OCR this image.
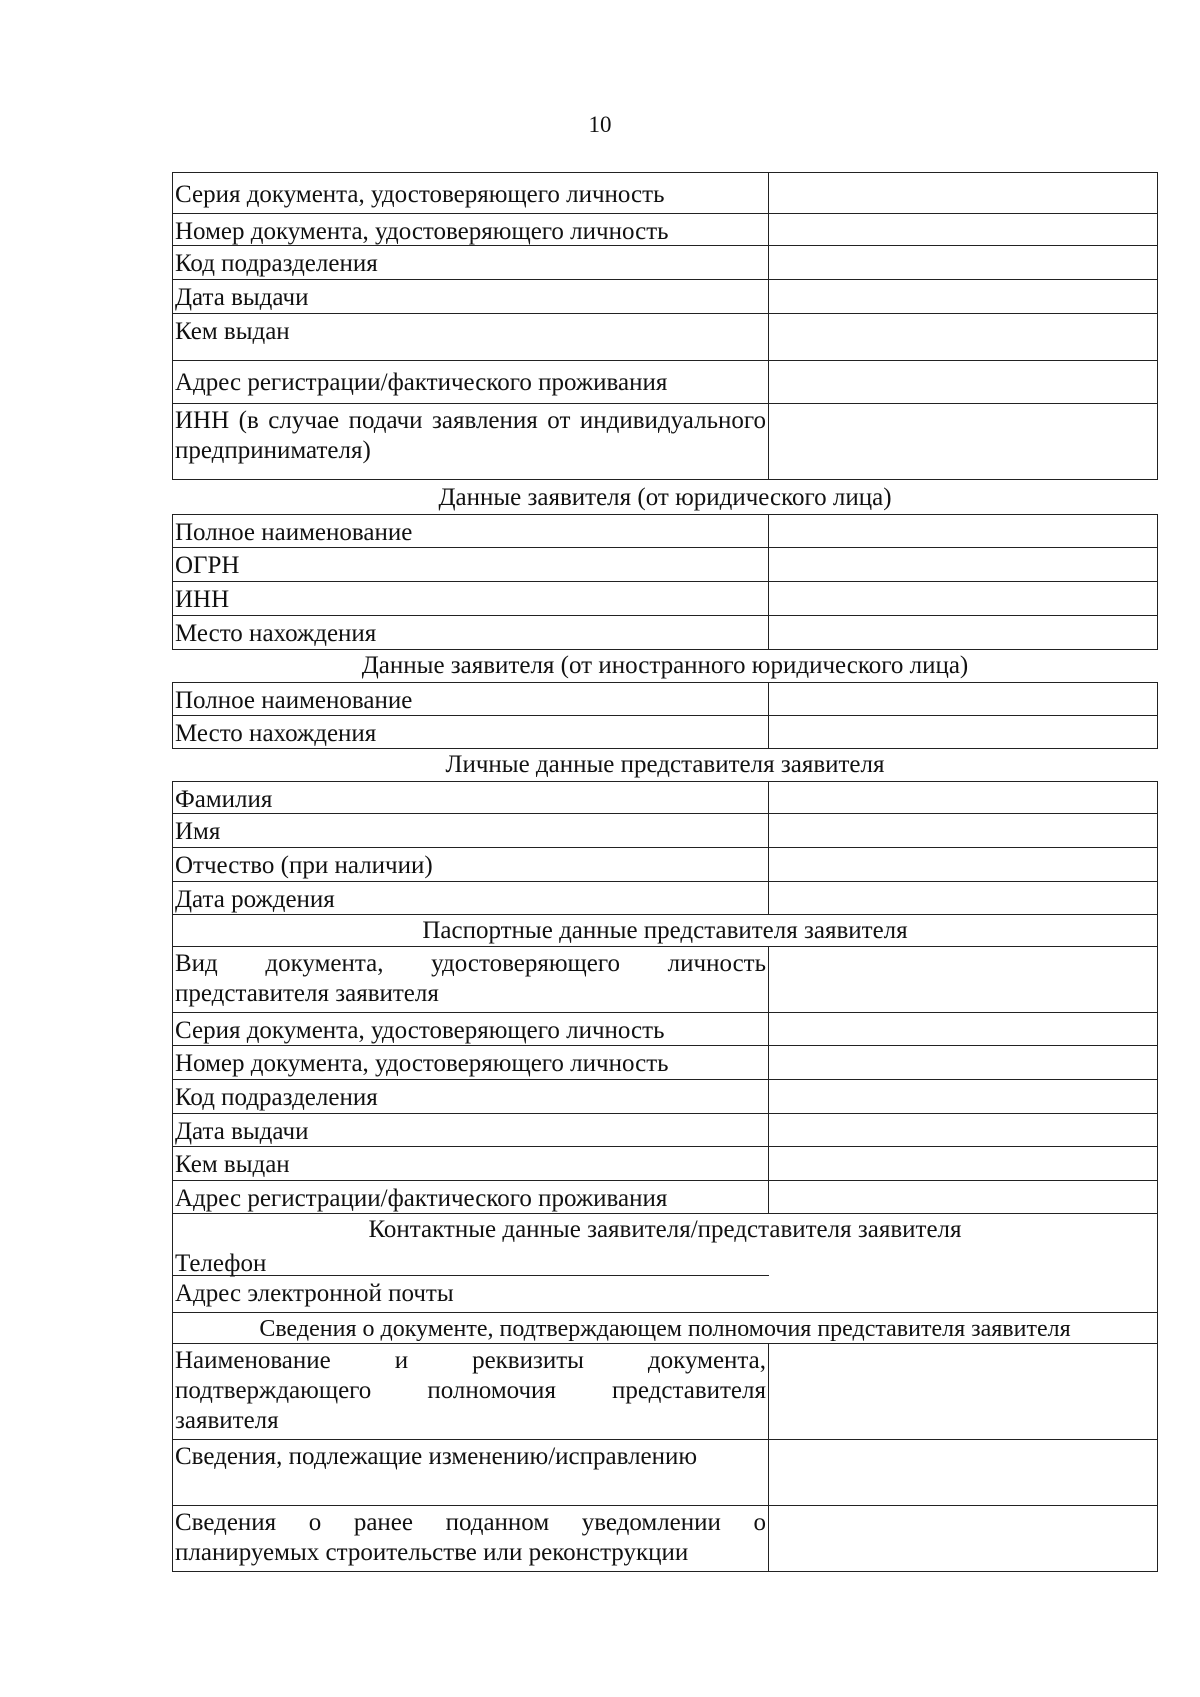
10
Серия документа, удостоверяющего личность
Номер документа, удостоверяющего личность
Код подразделения
Дата выдачи
Кем выдан
Адрес регистрации/фактического проживания
ИНН (в случае подачи заявления от индивидуального предпринимателя)
Данные заявителя (от юридического лица)
Полное наименование
ОГРН
ИНН
Место нахождения
Данные заявителя (от иностранного юридического лица)
Полное наименование
Место нахождения
Личные данные представителя заявителя
Фамилия
Имя
Отчество (при наличии)
Дата рождения
Паспортные данные представителя заявителя
Вид документа, удостоверяющего личность представителя заявителя
Серия документа, удостоверяющего личность
Номер документа, удостоверяющего личность
Код подразделения
Дата выдачи
Кем выдан
Адрес регистрации/фактического проживания
Контактные данные заявителя/представителя заявителя
Телефон
Адрес электронной почты
Сведения о документе, подтверждающем полномочия представителя заявителя
Наименование и реквизиты документа, подтверждающего полномочия представителя заявителя
Сведения, подлежащие изменению/исправлению
Сведения о ранее поданном уведомлении о планируемых строительстве или реконструкции
